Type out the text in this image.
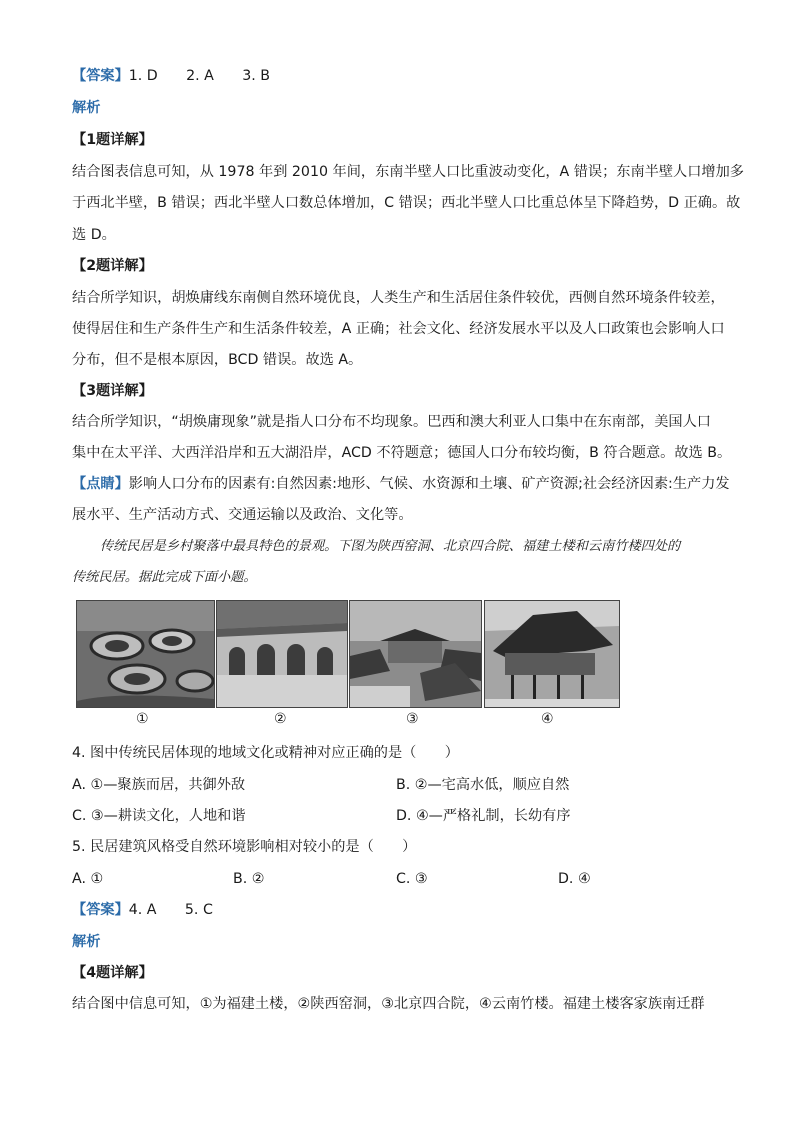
【答案】1. D　　2. A　　3. B
解析
【1题详解】
结合图表信息可知，从 1978 年到 2010 年间，东南半壁人口比重波动变化，A 错误；东南半壁人口增加多
于西北半壁，B 错误；西北半壁人口数总体增加，C 错误；西北半壁人口比重总体呈下降趋势，D 正确。故
选 D。
【2题详解】
结合所学知识，胡焕庸线东南侧自然环境优良，人类生产和生活居住条件较优，西侧自然环境条件较差，
使得居住和生产条件生产和生活条件较差，A 正确；社会文化、经济发展水平以及人口政策也会影响人口
分布，但不是根本原因，BCD 错误。故选 A。
【3题详解】
结合所学知识，“胡焕庸现象”就是指人口分布不均现象。巴西和澳大利亚人口集中在东南部，美国人口
集中在太平洋、大西洋沿岸和五大湖沿岸，ACD 不符题意；德国人口分布较均衡，B 符合题意。故选 B。
【点睛】影响人口分布的因素有:自然因素:地形、气候、水资源和土壤、矿产资源;社会经济因素:生产力发
展水平、生产活动方式、交通运输以及政治、文化等。
传统民居是乡村聚落中最具特色的景观。下图为陕西窑洞、北京四合院、福建土楼和云南竹楼四处的
传统民居。据此完成下面小题。
①	②	③	④
4. 图中传统民居体现的地域文化或精神对应正确的是（　　）
A. ①—聚族而居，共御外敌	B. ②—宅高水低，顺应自然
C. ③—耕读文化，人地和谐	D. ④—严格礼制，长幼有序
5. 民居建筑风格受自然环境影响相对较小的是（　　）
A. ①	B. ②	C. ③	D. ④
【答案】4. A　　5. C
解析
【4题详解】
结合图中信息可知，①为福建土楼，②陕西窑洞，③北京四合院，④云南竹楼。福建土楼客家族南迁群
